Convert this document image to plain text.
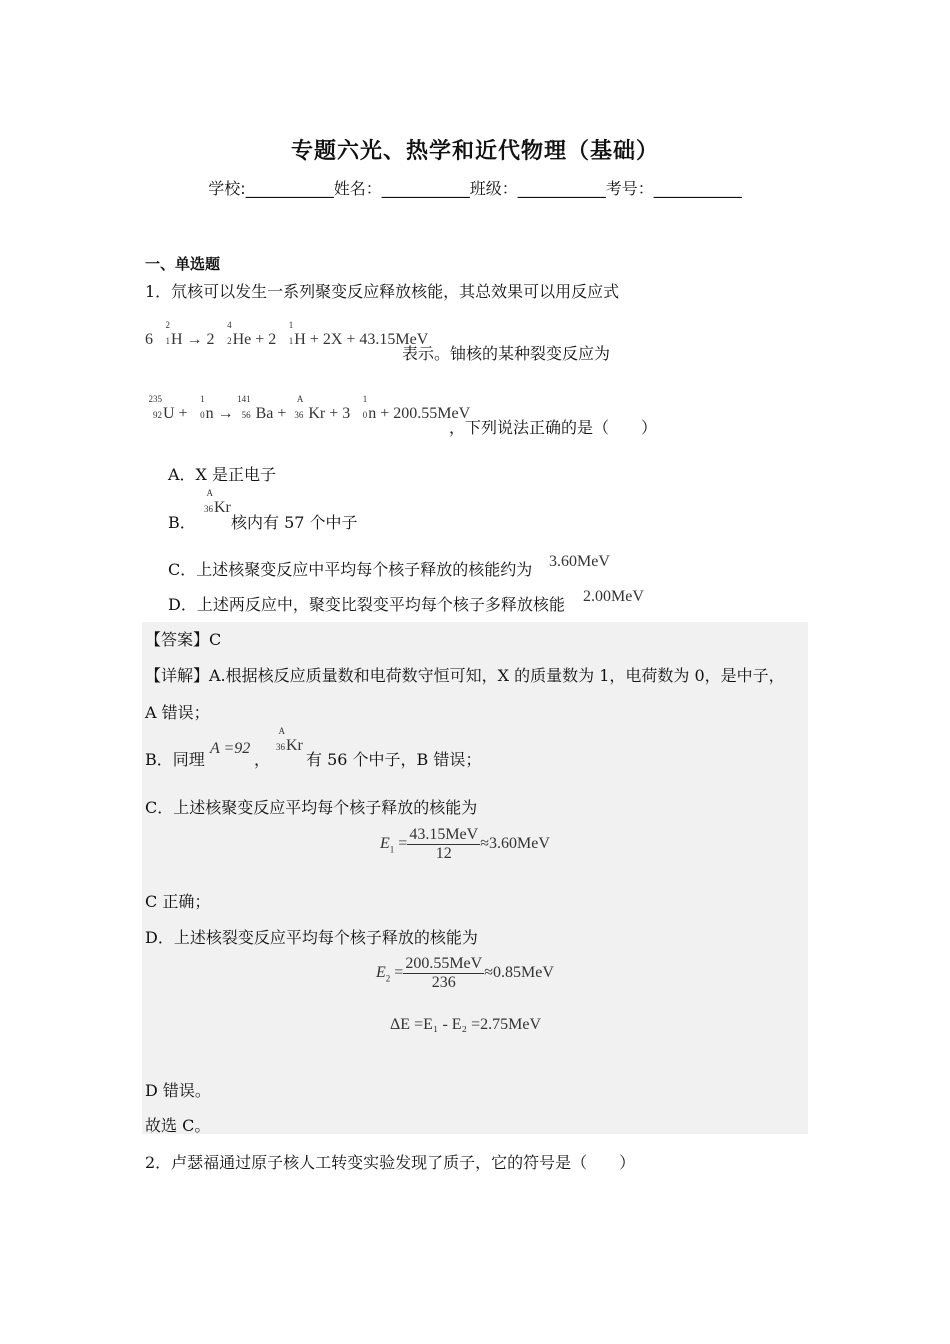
专题六光、热学和近代物理（基础）
学校:___________姓名：___________班级：___________考号：___________
一、单选题
1．氘核可以发生一系列聚变反应释放核能，其总效果可以用反应式
6
2
1 H → 2
4
2 He + 2
1
1 H + 2X + 43.15MeV
表示。铀核的某种裂变反应为
235
92 U +
1
0 n →
141
56 Ba +
A
36 Kr + 3
1
0 n + 200.55MeV
，下列说法正确的是（　　）
A．X 是正电子
B．
A
36 Kr
核内有 57 个中子
C．上述核聚变反应中平均每个核子释放的核能约为 3.60MeV
D．上述两反应中，聚变比裂变平均每个核子多释放核能 2.00MeV
【答案】C
【详解】A.根据核反应质量数和电荷数守恒可知，X 的质量数为 1，电荷数为 0，是中子，
A 错误；
B．同理
A =92
，
A
36 Kr
有 56 个中子，B 错误；
C．上述核聚变反应平均每个核子释放的核能为
$E_1 = \frac{\text{43.15MeV}}{12} \approx 3.60MeV$
C 正确；
D．上述核裂变反应平均每个核子释放的核能为
$E_2 = \frac{\text{200.55MeV}}{236} \approx 0.85MeV$
ΔE =E₁ - E₂ =2.75MeV
D 错误。
故选 C。
2．卢瑟福通过原子核人工转变实验发现了质子，它的符号是（　　）
